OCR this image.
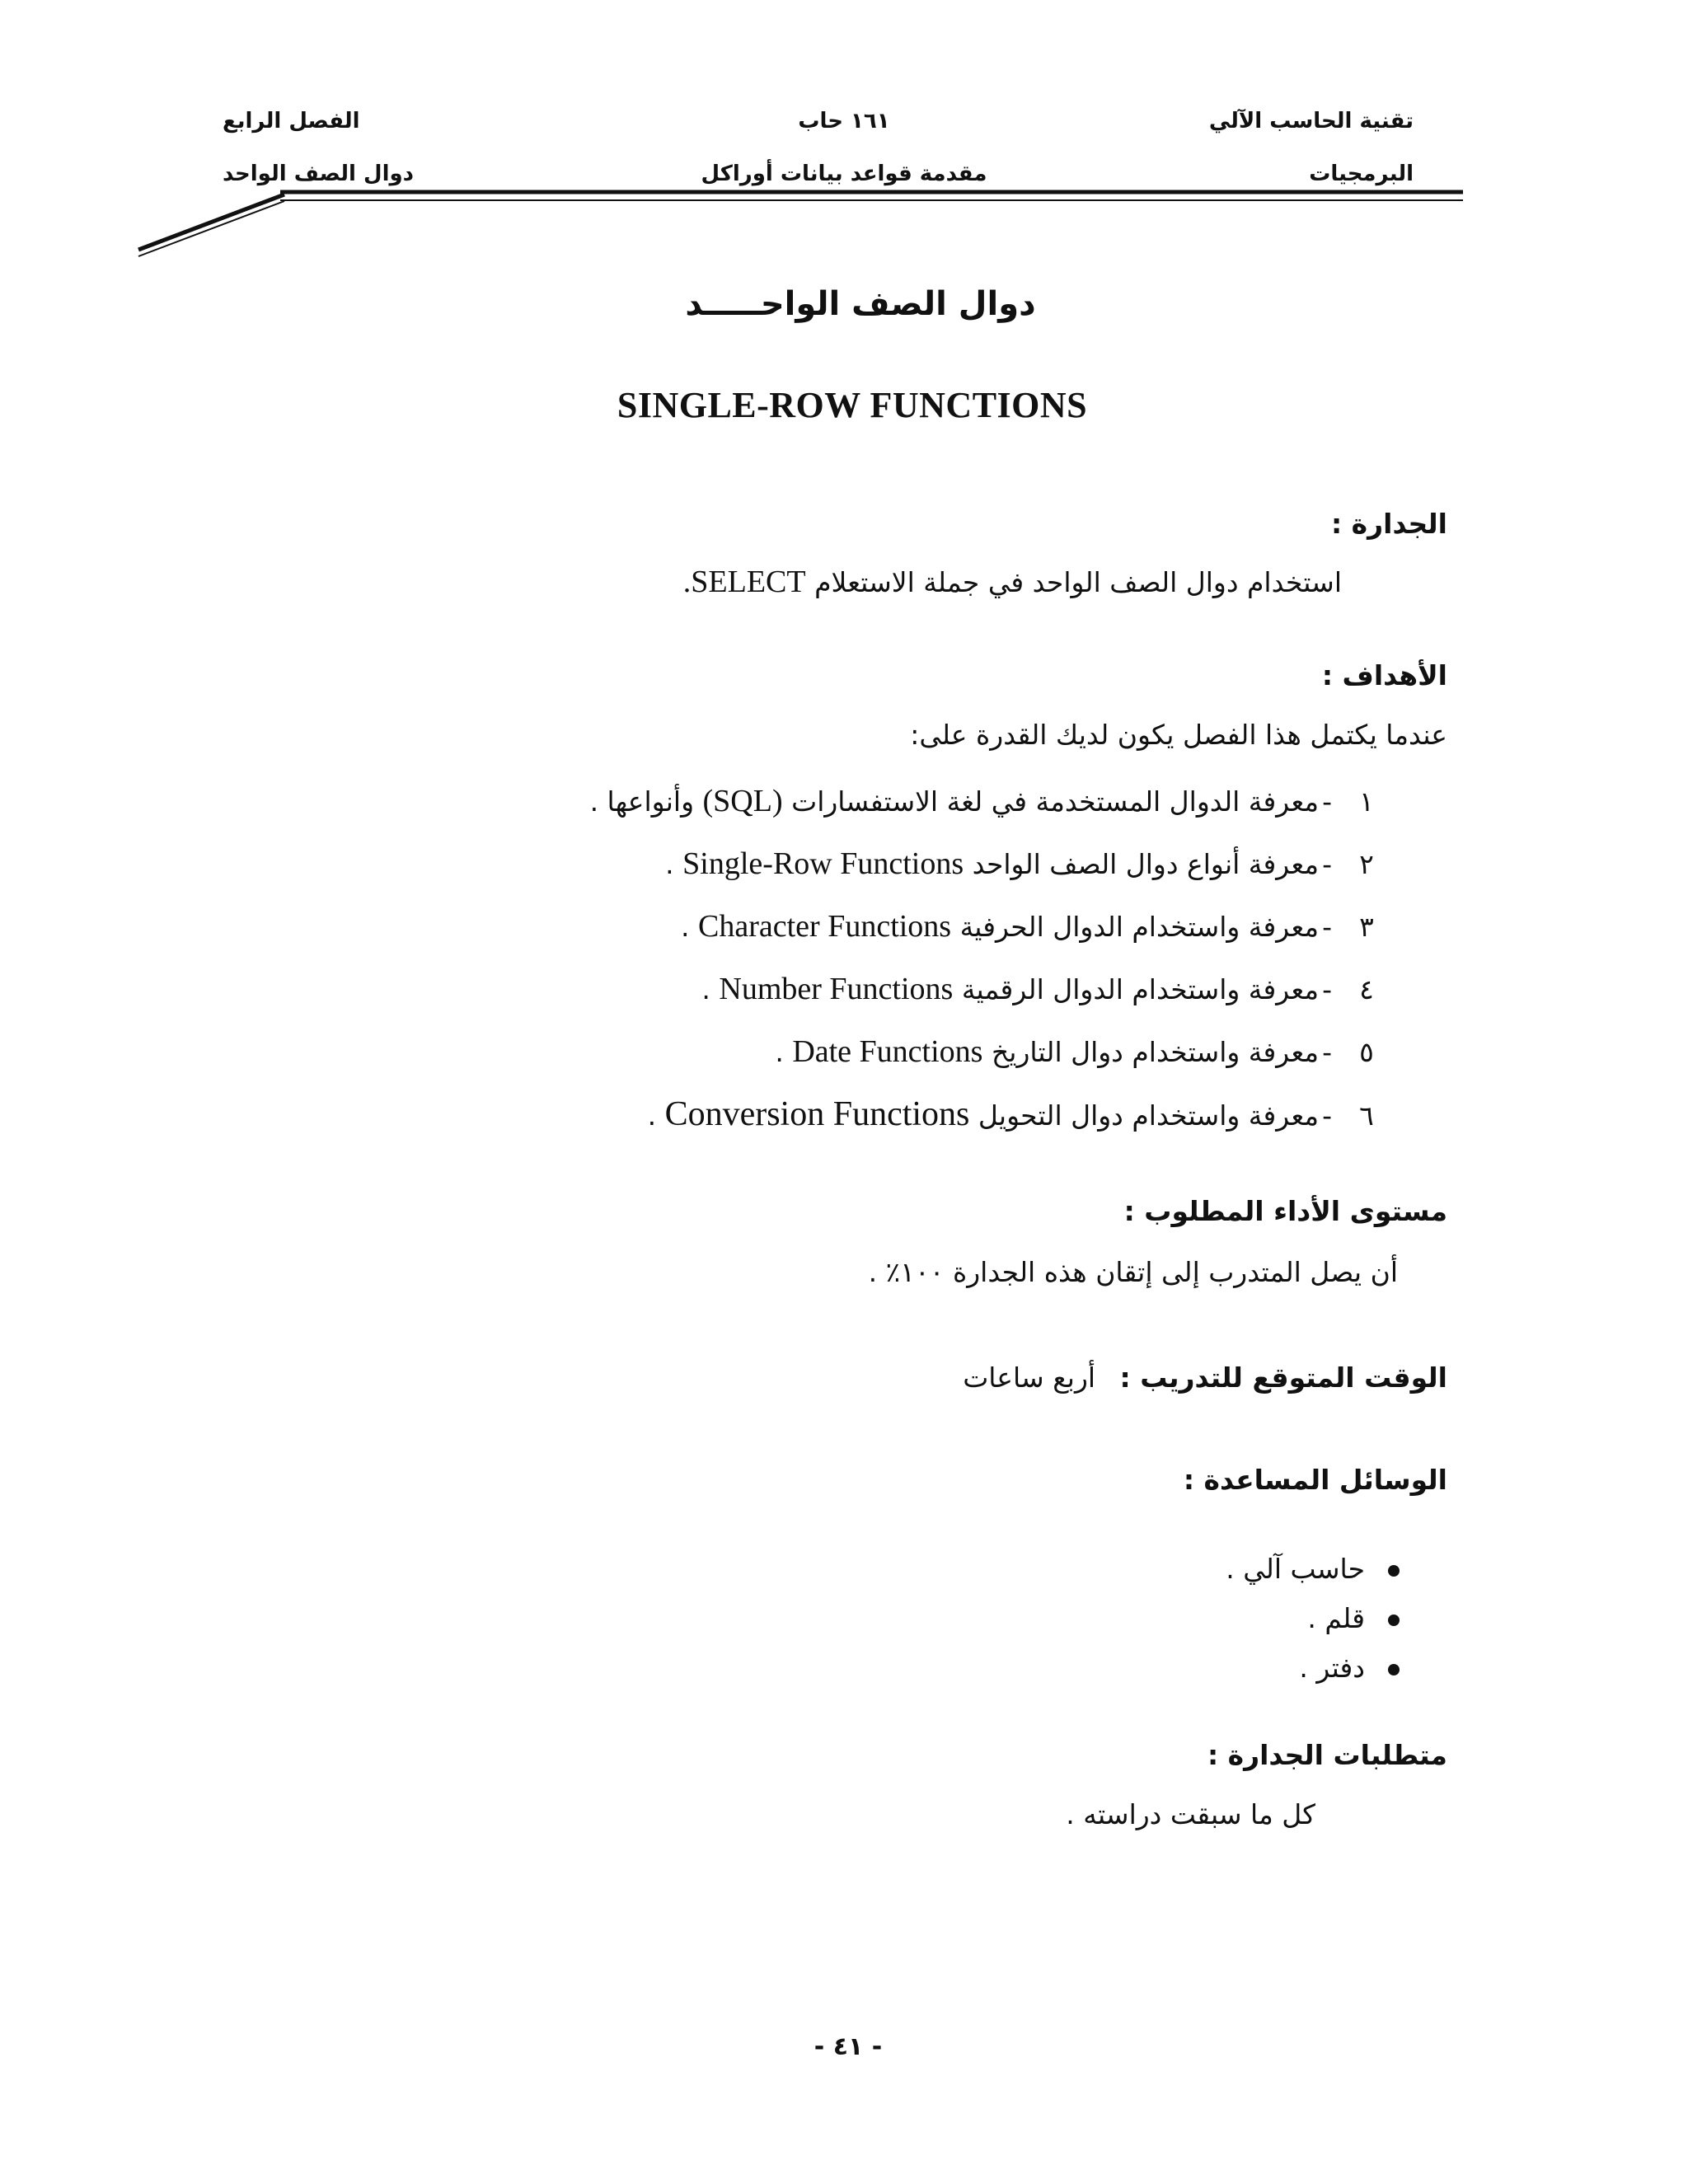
تقنية الحاسب الآلي
البرمجيات
١٦١ حاب
مقدمة قواعد بيانات أوراكل
الفصل الرابع
دوال الصف الواحد
دوال الصف الواحـــــد
SINGLE-ROW FUNCTIONS
الجدارة :
استخدام دوال الصف الواحد في جملة الاستعلام SELECT.
الأهداف :
عندما يكتمل هذا الفصل يكون لديك القدرة على:
١-معرفة الدوال المستخدمة في لغة الاستفسارات (SQL) وأنواعها .
٢-معرفة أنواع دوال الصف الواحد Single-Row Functions .
٣-معرفة واستخدام الدوال الحرفية Character Functions .
٤-معرفة واستخدام الدوال الرقمية Number Functions .
٥-معرفة واستخدام دوال التاريخ Date Functions .
٦-معرفة واستخدام دوال التحويل Conversion Functions .
مستوى الأداء المطلوب :
أن يصل المتدرب إلى إتقان هذه الجدارة ١٠٠٪ .
الوقت المتوقع للتدريب : أربع ساعات
الوسائل المساعدة :
حاسب آلي .
قلم .
دفتر .
متطلبات الجدارة :
كل ما سبقت دراسته .
- ٤١ -
